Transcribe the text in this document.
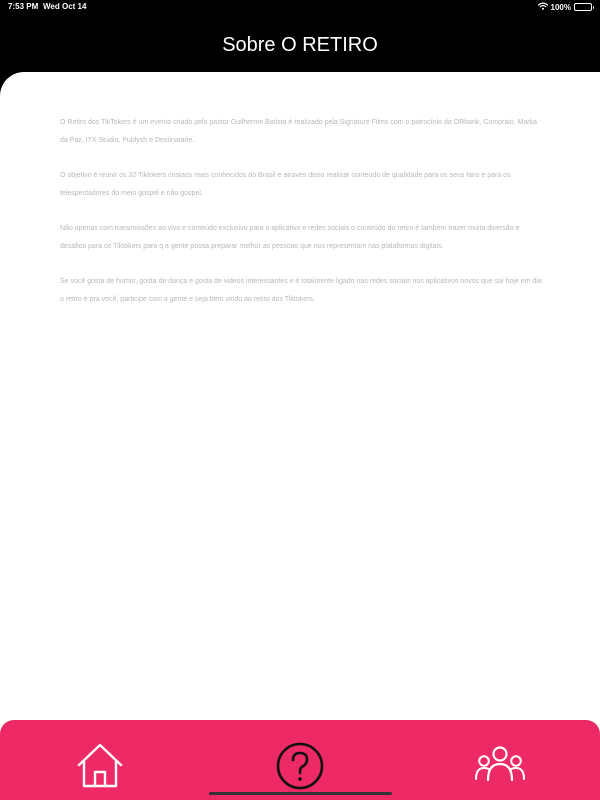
7:53 PM Wed Oct 14	100%
Sobre O RETIRO

O Retiro dos TikTokers é um evento criado pelo pastor Guilherme Batista é realizado pela Signature Films com o patrocínio da ORbank, Compraio, Marka da Paz, ITX Studio, Publysh e Destinatarie.

O objetivo é reunir os 32 Tiktokers cristaos mais conhecidos do Brasil e através disso realizar conteúdo de qualidade para os seus fans e para os telespectadores do meio gospel e não gospel.

Não apenas com transmissões ao vivo e conteúdo exclusivo para o aplicativo e redes sociais o conteúdo do retiro é também trazer muita diversão e desafios para os Tiktokers para q a gente possa preparar melhor as pessoas que nos representam nas plataformas digitais.

Se você gosta de humor, gosta de dança e gosta de videos interessantes e é totalmente ligado nas redes sociais nos aplicativos novos que sai hoje em dia o retiro é pra você, participe com a gente e seja bem vindo ao retiro dos Tiktokers.
